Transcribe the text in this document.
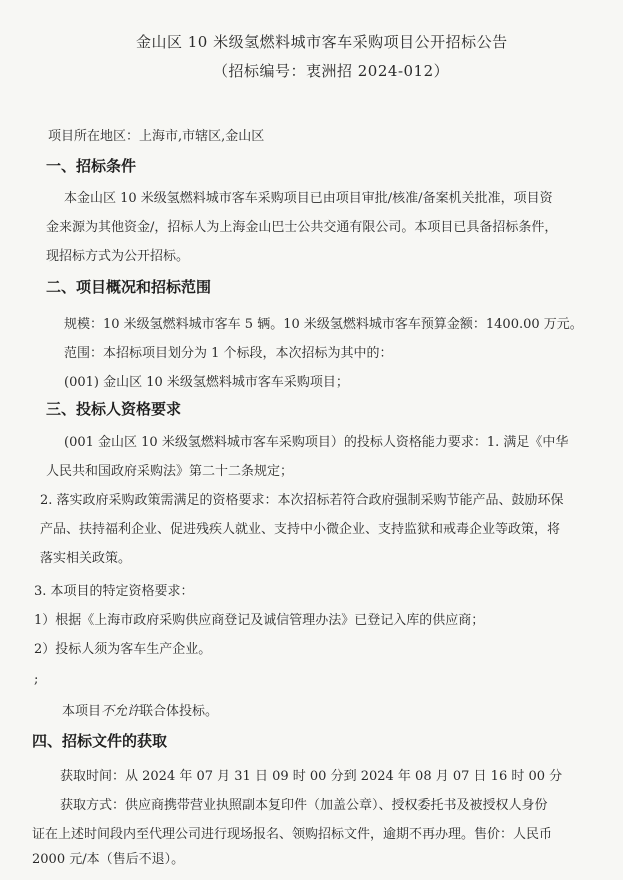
金山区 10 米级氢燃料城市客车采购项目公开招标公告
（招标编号：衷洲招 2024-012）
项目所在地区：上海市,市辖区,金山区
一、招标条件
本金山区 10 米级氢燃料城市客车采购项目已由项目审批/核准/备案机关批准，项目资
金来源为其他资金/，招标人为上海金山巴士公共交通有限公司。本项目已具备招标条件，
现招标方式为公开招标。
二、项目概况和招标范围
规模：10 米级氢燃料城市客车 5 辆。10 米级氢燃料城市客车预算金额：1400.00 万元。
范围：本招标项目划分为 1 个标段，本次招标为其中的：
(001) 金山区 10 米级氢燃料城市客车采购项目；
三、投标人资格要求
(001 金山区 10 米级氢燃料城市客车采购项目）的投标人资格能力要求：1. 满足《中华
人民共和国政府采购法》第二十二条规定；
2. 落实政府采购政策需满足的资格要求：本次招标若符合政府强制采购节能产品、鼓励环保
产品、扶持福利企业、促进残疾人就业、支持中小微企业、支持监狱和戒毒企业等政策，将
落实相关政策。
3. 本项目的特定资格要求：
1）根据《上海市政府采购供应商登记及诚信管理办法》已登记入库的供应商；
2）投标人须为客车生产企业。
;
本项目不允许联合体投标。
四、招标文件的获取
获取时间：从 2024 年 07 月 31 日 09 时 00 分到 2024 年 08 月 07 日 16 时 00 分
获取方式：供应商携带营业执照副本复印件（加盖公章）、授权委托书及被授权人身份
证在上述时间段内至代理公司进行现场报名、领购招标文件，逾期不再办理。售价：人民币
2000 元/本（售后不退）。
